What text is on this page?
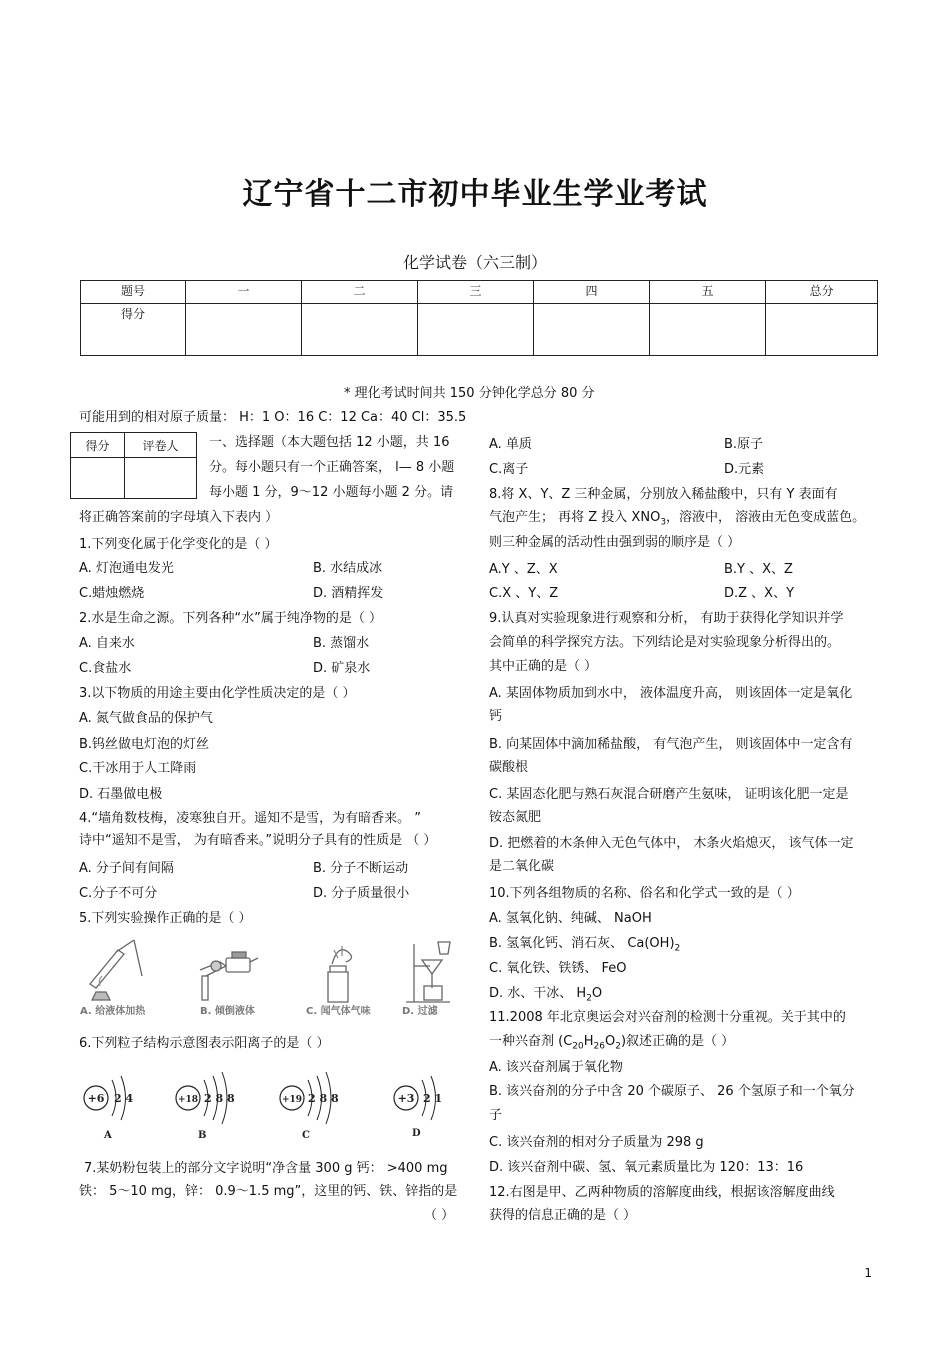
辽宁省十二市初中毕业生学业考试
化学试卷（六三制）
题号	一	二	三	四	五	总分
得分						
* 理化考试时间共 150 分钟化学总分 80 分
可能用到的相对原子质量： H：1 O：16 C：12 Ca：40 Cl：35.5
得分	评卷人
	一、选择题（本大题包括 12 小题，共 16
分。每小题只有一个正确答案， l— 8 小题
每小题 1 分，9～12 小题每小题 2 分。请
将正确答案前的字母填入下表内 ）
1.下列变化属于化学变化的是（ ）
A. 灯泡通电发光	B. 水结成冰
C.蜡烛燃烧	D. 酒精挥发
2.水是生命之源。下列各种“水”属于纯净物的是（ ）
A. 自来水	B. 蒸馏水
C.食盐水	D. 矿泉水
3.以下物质的用途主要由化学性质决定的是（ ）
A. 氮气做食品的保护气
B.钨丝做电灯泡的灯丝
C.干冰用于人工降雨
D. 石墨做电极
4.“墙角数枝梅，凌寒独自开。遥知不是雪，为有暗香来。 ”
诗中“遥知不是雪， 为有暗香来。”说明分子具有的性质是 （ ）
A. 分子间有间隔	B. 分子不断运动
C.分子不可分	D. 分子质量很小
5.下列实验操作正确的是（ ）
A. 给液体加热	B. 倾倒液体	C. 闻气体气味	D. 过滤
6.下列粒子结构示意图表示阳离子的是（ ）
+6 2 4
A
+18 2 8 8
B
+19 2 8 8
C
+3 2 1
D
7.某奶粉包装上的部分文字说明“净含量 300 g 钙： >400 mg
铁： 5～10 mg，锌： 0.9～1.5 mg”，这里的钙、铁、锌指的是
（ ）
A. 单质	B.原子
C.离子	D.元素
8.将 X、Y、Z 三种金属，分别放入稀盐酸中，只有 Y 表面有
气泡产生； 再将 Z 投入 $XNO_3$，溶液中， 溶液由无色变成蓝色。
则三种金属的活动性由强到弱的顺序是（ ）
A.Y 、Z、X	B.Y 、X、Z
C.X 、Y、Z	D.Z 、X、Y
9.认真对实验现象进行观察和分析， 有助于获得化学知识并学
会简单的科学探究方法。下列结论是对实验现象分析得出的。
其中正确的是（ ）
A. 某固体物质加到水中， 液体温度升高， 则该固体一定是氧化
钙
B. 向某固体中滴加稀盐酸， 有气泡产生， 则该固体中一定含有
碳酸根
C. 某固态化肥与熟石灰混合研磨产生氨味， 证明该化肥一定是
铵态氮肥
D. 把燃着的木条伸入无色气体中， 木条火焰熄灭， 该气体一定
是二氧化碳
10.下列各组物质的名称、俗名和化学式一致的是（ ）
A. 氢氧化钠、纯碱、 NaOH
B. 氢氧化钙、消石灰、 $Ca(OH)_2$
C. 氧化铁、铁锈、 FeO
D. 水、干冰、 $H_2O$
11.2008 年北京奥运会对兴奋剂的检测十分重视。关于其中的
一种兴奋剂 $(C_{20}H_{26}O_2)$叙述正确的是（ ）
A. 该兴奋剂属于氧化物
B. 该兴奋剂的分子中含 20 个碳原子、 26 个氢原子和一个氧分
子
C. 该兴奋剂的相对分子质量为 298 g
D. 该兴奋剂中碳、氢、氧元素质量比为 120：13：16
12.右图是甲、乙两种物质的溶解度曲线，根据该溶解度曲线
获得的信息正确的是（ ）
1
